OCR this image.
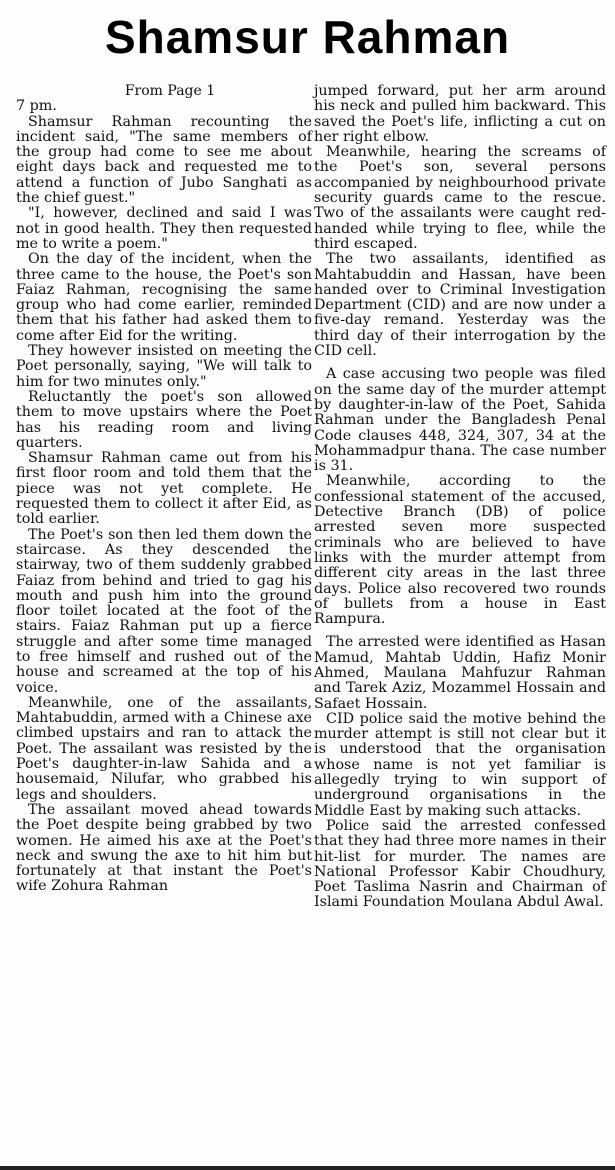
Shamsur Rahman

From Page 1

7 pm.

Shamsur Rahman recounting the incident said, "The same members of the group had come to see me about eight days back and requested me to attend a function of Jubo Sanghati as the chief guest."

"I, however, declined and said I was not in good health. They then requested me to write a poem."

On the day of the incident, when the three came to the house, the Poet's son Faiaz Rahman, recognising the same group who had come earlier, reminded them that his father had asked them to come after Eid for the writing.

They however insisted on meeting the Poet personally, saying, "We will talk to him for two minutes only."

Reluctantly the poet's son allowed them to move upstairs where the Poet has his reading room and living quarters.

Shamsur Rahman came out from his first floor room and told them that the piece was not yet complete. He requested them to collect it after Eid, as told earlier.

The Poet's son then led them down the staircase. As they descended the stairway, two of them suddenly grabbed Faiaz from behind and tried to gag his mouth and push him into the ground floor toilet located at the foot of the stairs. Faiaz Rahman put up a fierce struggle and after some time managed to free himself and rushed out of the house and screamed at the top of his voice.

Meanwhile, one of the assailants, Mahtabuddin, armed with a Chinese axe climbed upstairs and ran to attack the Poet. The assailant was resisted by the Poet's daughter-in-law Sahida and a housemaid, Nilufar, who grabbed his legs and shoulders.

The assailant moved ahead towards the Poet despite being grabbed by two women. He aimed his axe at the Poet's neck and swung the axe to hit him but fortunately at that instant the Poet's wife Zohura Rahman

jumped forward, put her arm around his neck and pulled him backward. This saved the Poet's life, inflicting a cut on her right elbow.

Meanwhile, hearing the screams of the Poet's son, several persons accompanied by neighbourhood private security guards came to the rescue. Two of the assailants were caught red-handed while trying to flee, while the third escaped.

The two assailants, identified as Mahtabuddin and Hassan, have been handed over to Criminal Investigation Department (CID) and are now under a five-day remand. Yesterday was the third day of their interrogation by the CID cell.

A case accusing two people was filed on the same day of the murder attempt by daughter-in-law of the Poet, Sahida Rahman under the Bangladesh Penal Code clauses 448, 324, 307, 34 at the Mohammadpur thana. The case number is 31.

Meanwhile, according to the confessional statement of the accused, Detective Branch (DB) of police arrested seven more suspected criminals who are believed to have links with the murder attempt from different city areas in the last three days. Police also recovered two rounds of bullets from a house in East Rampura.

The arrested were identified as Hasan Mamud, Mahtab Uddin, Hafiz Monir Ahmed, Maulana Mahfuzur Rahman and Tarek Aziz, Mozammel Hossain and Safaet Hossain.

CID police said the motive behind the murder attempt is still not clear but it is understood that the organisation whose name is not yet familiar is allegedly trying to win support of underground organisations in the Middle East by making such attacks.

Police said the arrested confessed that they had three more names in their hit-list for murder. The names are National Professor Kabir Choudhury, Poet Taslima Nasrin and Chairman of Islami Foundation Moulana Abdul Awal.
